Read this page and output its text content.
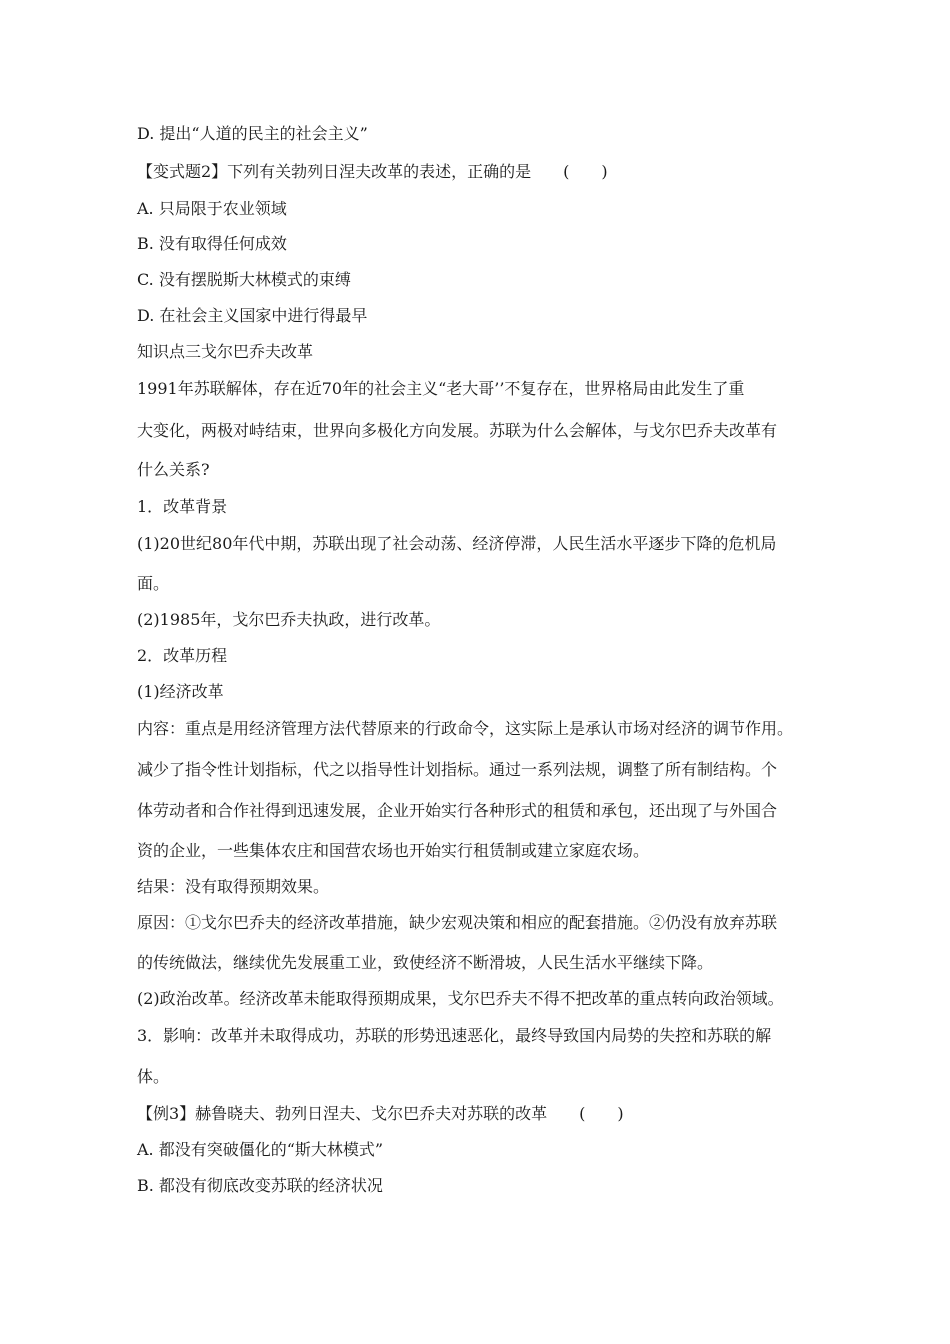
D. 提出“人道的民主的社会主义”
【变式题2】下列有关勃列日涅夫改革的表述，正确的是　　(　　)
A. 只局限于农业领域
B. 没有取得任何成效
C. 没有摆脱斯大林模式的束缚
D. 在社会主义国家中进行得最早
知识点三戈尔巴乔夫改革
1991年苏联解体，存在近70年的社会主义“老大哥’’不复存在，世界格局由此发生了重
大变化，两极对峙结束，世界向多极化方向发展。苏联为什么会解体，与戈尔巴乔夫改革有
什么关系?
1．改革背景
(1)20世纪80年代中期，苏联出现了社会动荡、经济停滞，人民生活水平逐步下降的危机局
面。
(2)1985年，戈尔巴乔夫执政，进行改革。
2．改革历程
(1)经济改革
内容：重点是用经济管理方法代替原来的行政命令，这实际上是承认市场对经济的调节作用。
减少了指令性计划指标，代之以指导性计划指标。通过一系列法规，调整了所有制结构。个
体劳动者和合作社得到迅速发展，企业开始实行各种形式的租赁和承包，还出现了与外国合
资的企业，一些集体农庄和国营农场也开始实行租赁制或建立家庭农场。
结果：没有取得预期效果。
原因：①戈尔巴乔夫的经济改革措施，缺少宏观决策和相应的配套措施。②仍没有放弃苏联
的传统做法，继续优先发展重工业，致使经济不断滑坡，人民生活水平继续下降。
(2)政治改革。经济改革未能取得预期成果，戈尔巴乔夫不得不把改革的重点转向政治领域。
3．影响：改革并未取得成功，苏联的形势迅速恶化，最终导致国内局势的失控和苏联的解
体。
【例3】赫鲁晓夫、勃列日涅夫、戈尔巴乔夫对苏联的改革　　(　　)
A. 都没有突破僵化的“斯大林模式”
B. 都没有彻底改变苏联的经济状况
